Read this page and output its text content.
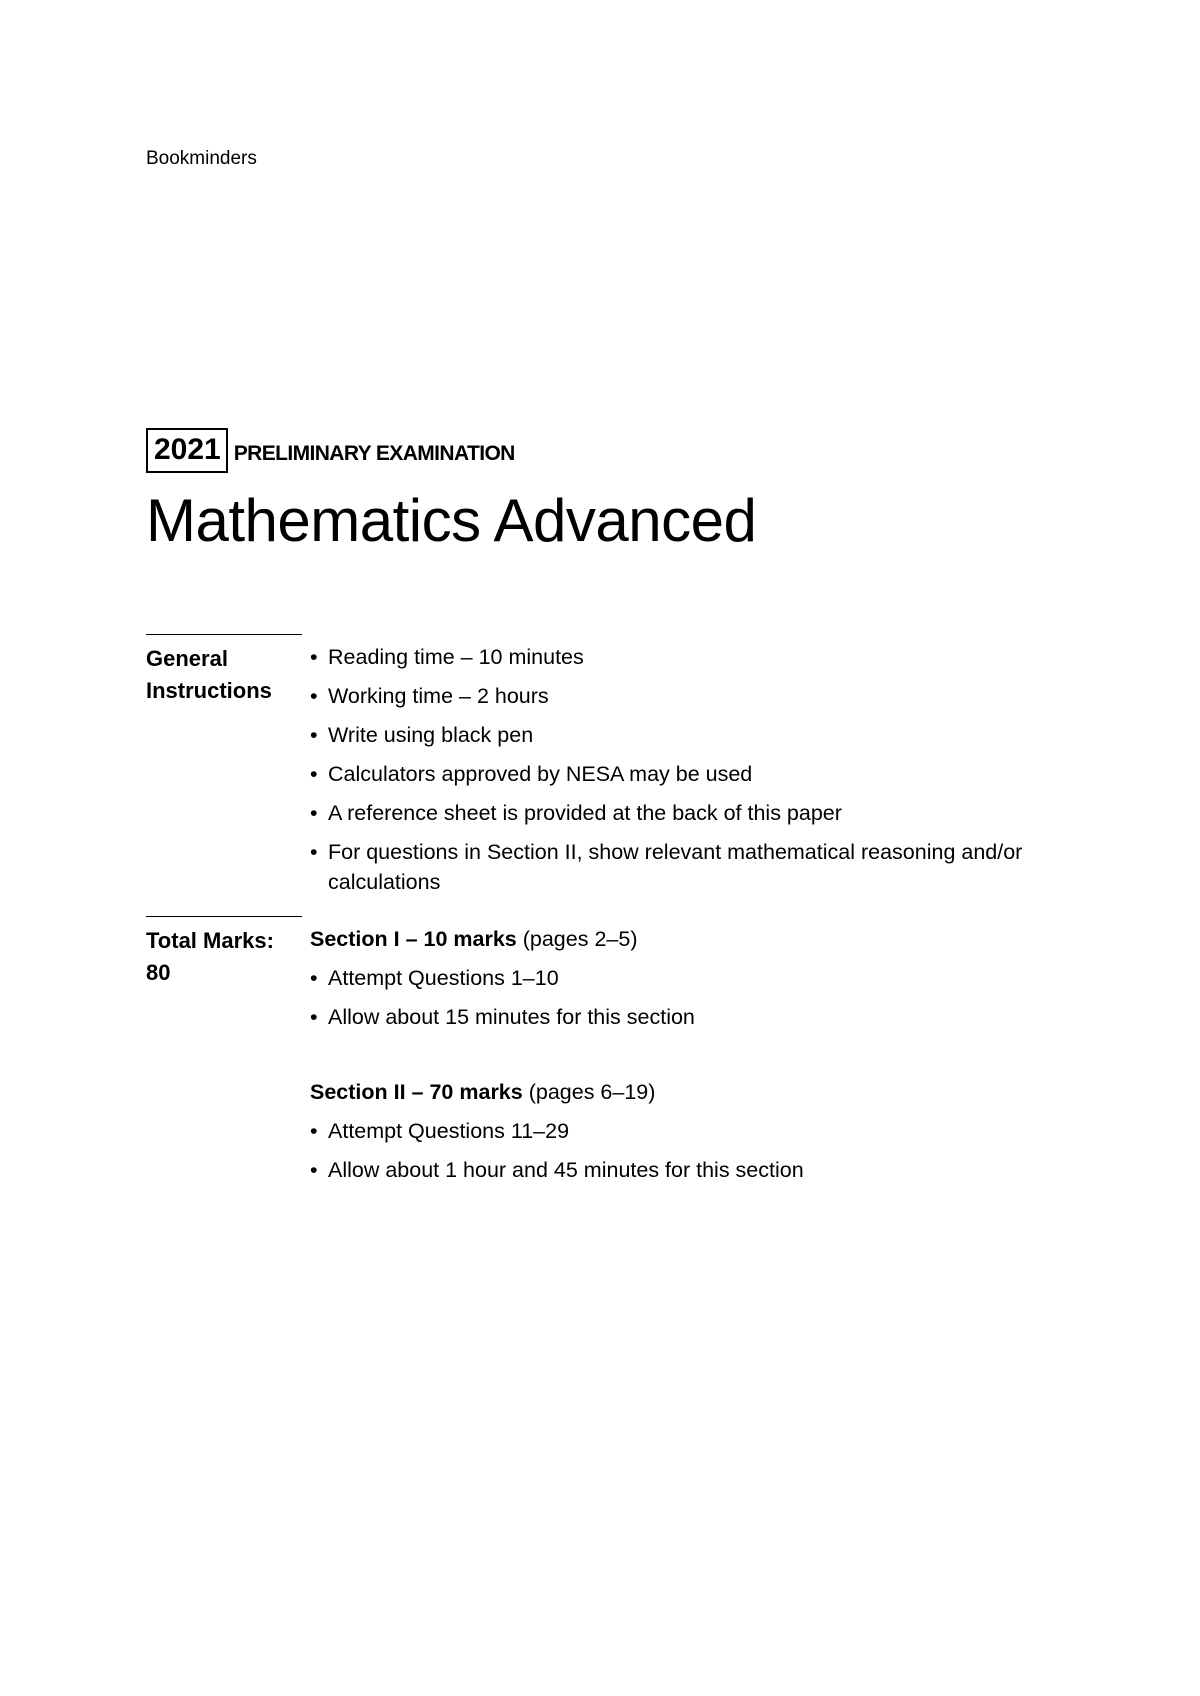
Bookminders
2021 PRELIMINARY EXAMINATION
Mathematics Advanced
General Instructions
• Reading time – 10 minutes
• Working time – 2 hours
• Write using black pen
• Calculators approved by NESA may be used
• A reference sheet is provided at the back of this paper
• For questions in Section II, show relevant mathematical reasoning and/or calculations
Total Marks: 80
Section I – 10 marks (pages 2–5)
• Attempt Questions 1–10
• Allow about 15 minutes for this section
Section II – 70 marks (pages 6–19)
• Attempt Questions 11–29
• Allow about 1 hour and 45 minutes for this section
